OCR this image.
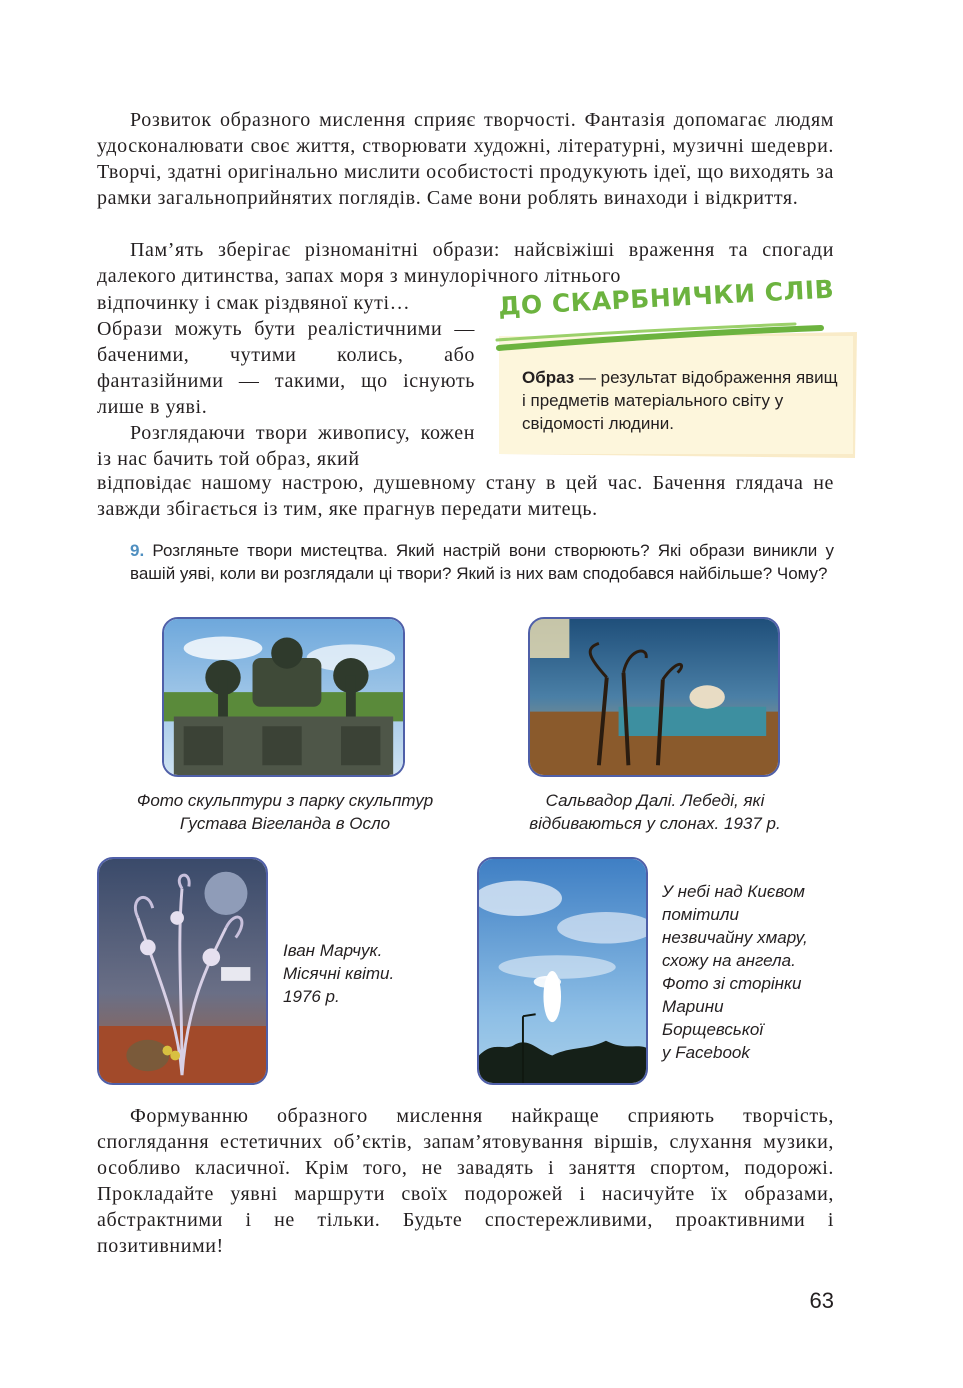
Розвиток образного мислення сприяє творчості. Фантазія допомагає людям удосконалювати своє життя, створювати художні, літературні, музичні шедеври. Творчі, здатні оригінально мислити особистості продукують ідеї, що виходять за рамки загальноприйнятих поглядів. Саме вони роблять винаходи і відкриття.

Пам’ять зберігає різноманітні образи: найсвіжіші враження та спогади далекого дитинства, запах моря з минулорічного літнього

відпочинку і смак різдвяної куті…

Образи можуть бути реалістичними — баченими, чутими колись, або фантазійними — такими, що існують лише в уяві.

Розглядаючи твори живопису, кожен із нас бачить той образ, який

відповідає нашому настрою, душевному стану в цей час. Бачення глядача не завжди збігається із тим, яке прагнув передати митець.

ДО СКАРБНИЧКИ СЛІВ
Образ — результат відображення явищ і предметів матеріального світу у свідомості людини.
9. Розгляньте твори мистецтва. Який настрій вони створюють? Які образи виникли у вашій уяві, коли ви розглядали ці твори? Який із них вам сподобався найбільше? Чому?
Фото скульптури з парку скульптур
Густава Вігеланда в Осло
Сальвадор Далі. Лебеді, які
відбиваються у слонах. 1937 р.
Іван Марчук.
Місячні квіти.
1976 р.
У небі над Києвом
помітили
незвичайну хмару,
схожу на ангела.
Фото зі сторінки
Марини
Борщевської
у Facebook

Формуванню образного мислення найкраще сприяють творчість, споглядання естетичних об’єктів, запам’ятовування віршів, слухання музики, особливо класичної. Крім того, не завадять і заняття спортом, подорожі. Прокладайте уявні маршрути своїх подорожей і насичуйте їх образами, абстрактними і не тільки. Будьте спостережливими, проактивними і позитивними!

63
